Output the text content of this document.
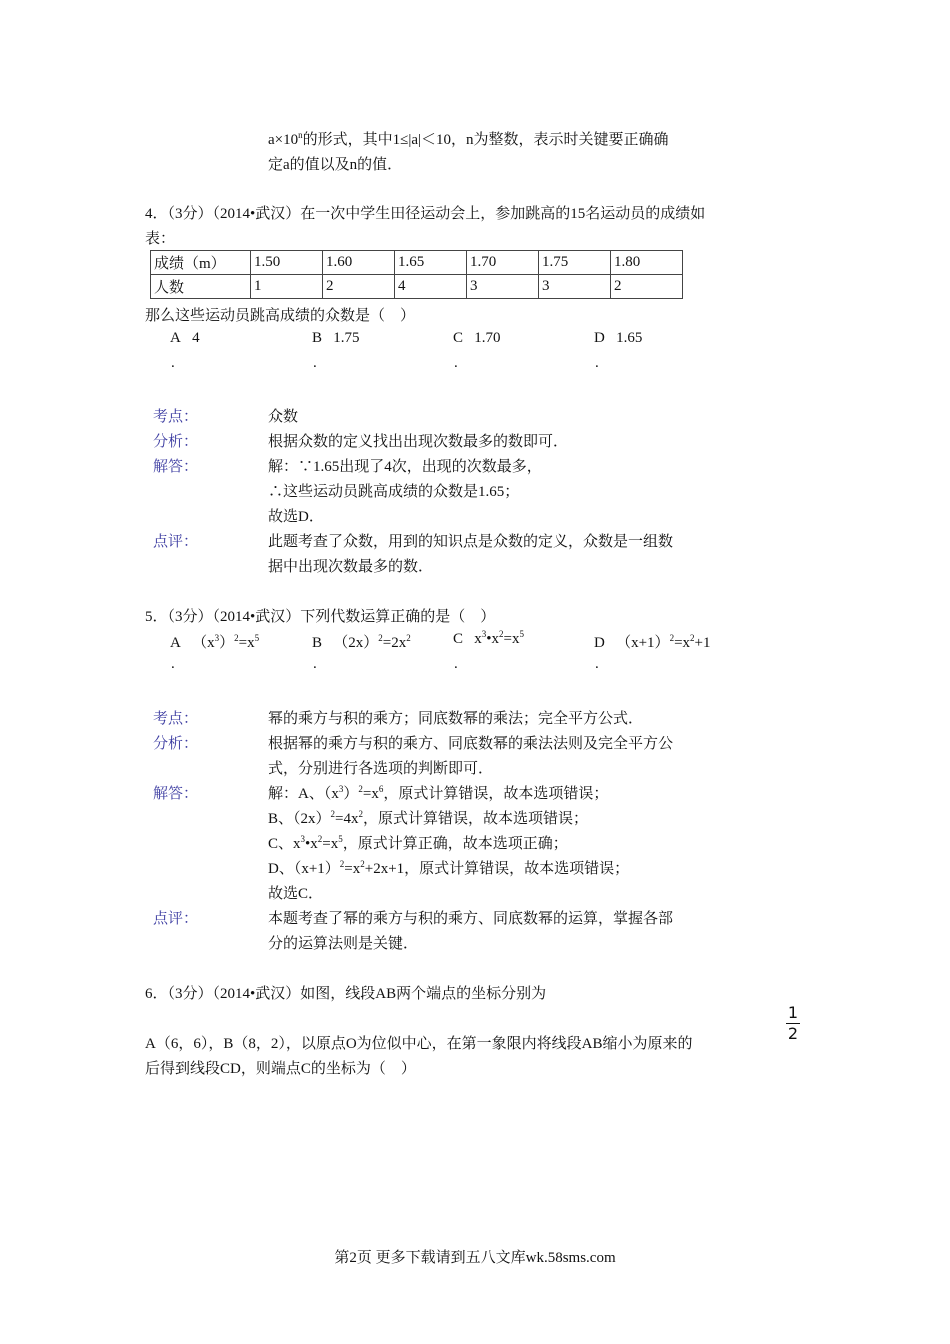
$a\times 10^n$的形式，其中1≤|a|＜10，n为整数，表示时关键要正确确
定a的值以及n的值．
4．（3分）（2014•武汉）在一次中学生田径运动会上，参加跳高的15名运动员的成绩如
表：
成绩（m）	1.50	1.60	1.65	1.70	1.75	1.80
人数	1	2	4	3	3	2
那么这些运动员跳高成绩的众数是（　）
A 4
.
B 1.75
.
C 1.70
.
D 1.65
.
考点：	众数
分析：	根据众数的定义找出出现次数最多的数即可．
解答：	解：∵1.65出现了4次，出现的次数最多，
∴这些运动员跳高成绩的众数是1.65；
故选D．
点评：	此题考查了众数，用到的知识点是众数的定义，众数是一组数
据中出现次数最多的数．
5．（3分）（2014•武汉）下列代数运算正确的是（　）
A $(x^3)^2=x^5$
.
B $(2x)^2=2x^2$
.
C $x^3•x^2=x^5$
.
D $(x+1)^2=x^2+1$
.
考点：	幂的乘方与积的乘方；同底数幂的乘法；完全平方公式．
分析：	根据幂的乘方与积的乘方、同底数幂的乘法法则及完全平方公
式，分别进行各选项的判断即可．
解答：	解：A、$(x^3)^2=x^6$，原式计算错误，故本选项错误；
B、$(2x)^2=4x^2$，原式计算错误，故本选项错误；
C、$x^3•x^2=x^5$，原式计算正确，故本选项正确；
D、$(x+1)^2=x^2+2x+1$，原式计算错误，故本选项错误；
故选C．
点评：	本题考查了幂的乘方与积的乘方、同底数幂的运算，掌握各部
分的运算法则是关键．
6．（3分）（2014•武汉）如图，线段AB两个端点的坐标分别为
1
2
A（6，6），B（8，2），以原点O为位似中心，在第一象限内将线段AB缩小为原来的
后得到线段CD，则端点C的坐标为（　）
第2页 更多下载请到五八文库wk.58sms.com
